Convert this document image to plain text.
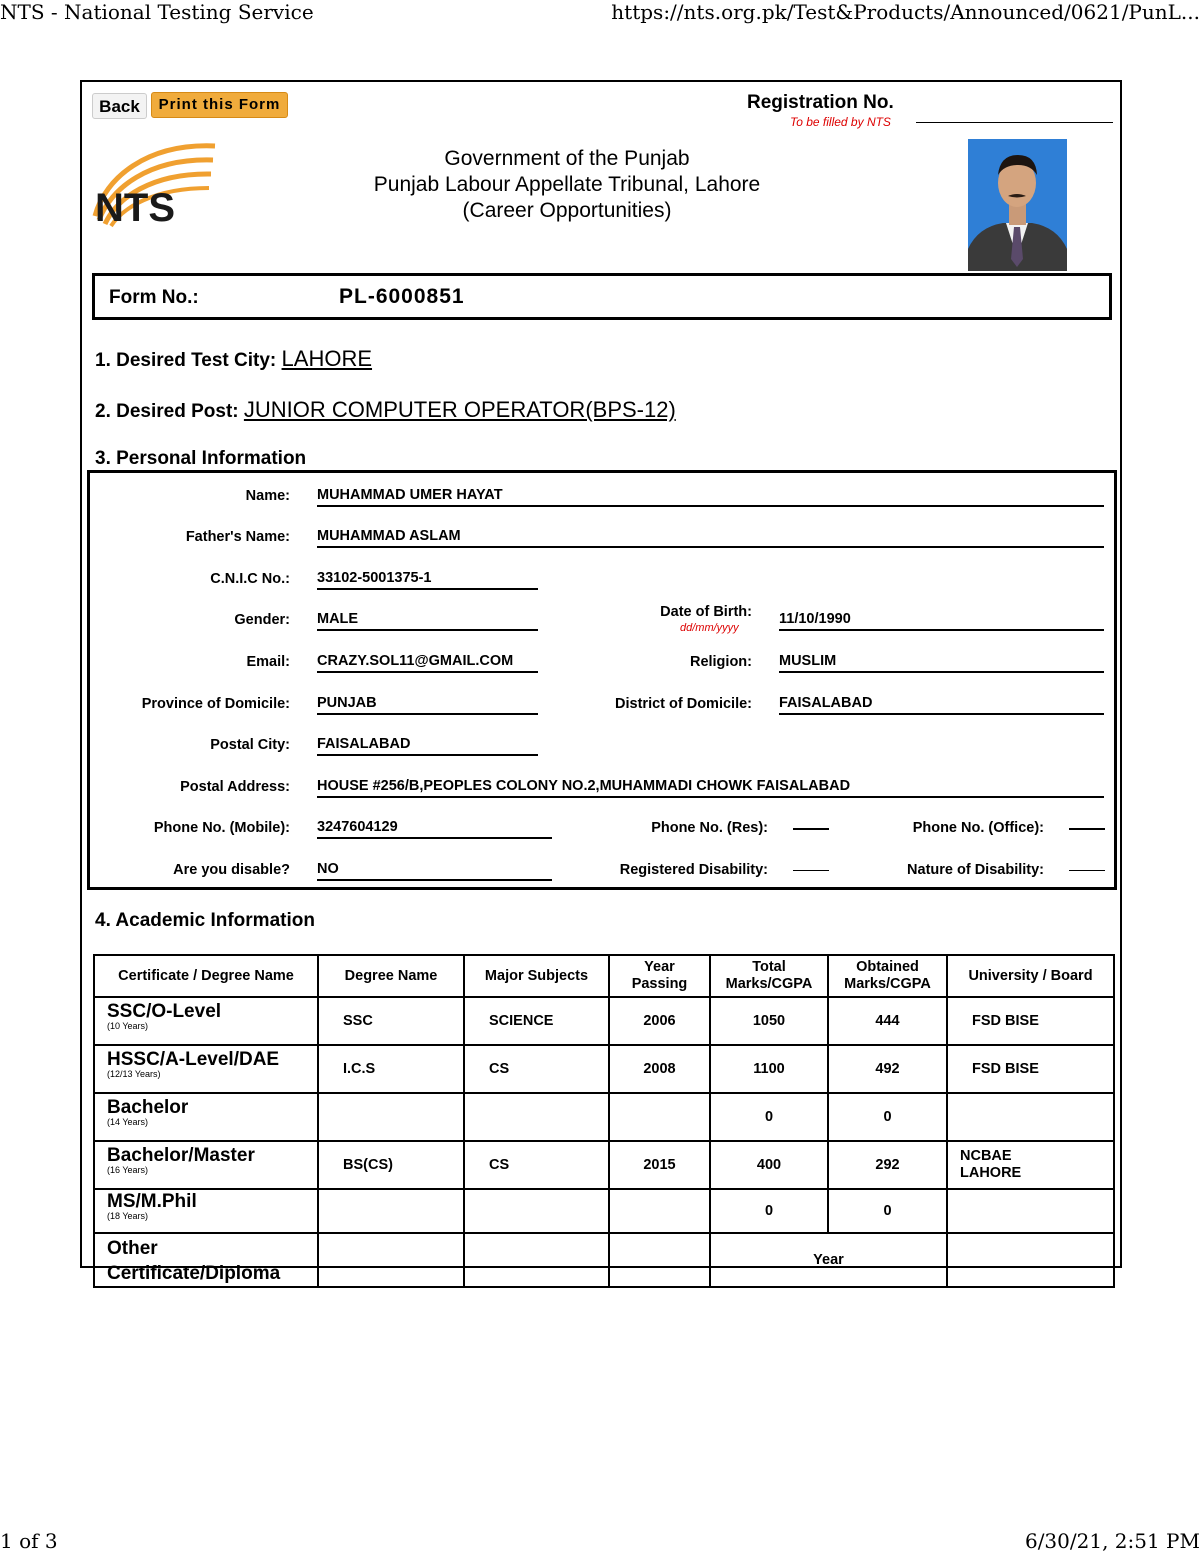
NTS - National Testing Service	https://nts.org.pk/Test&Products/Announced/0621/PunL...
1 of 3	6/30/21, 2:51 PM
Back	Print this Form	Registration No.
To be filled by NTS
NTS
Government of the Punjab
Punjab Labour Appellate Tribunal, Lahore
(Career Opportunities)
Form No.:	PL-6000851
1. Desired Test City: LAHORE
2. Desired Post: JUNIOR COMPUTER OPERATOR(BPS-12)
3. Personal Information
Name: MUHAMMAD UMER HAYAT
Father's Name: MUHAMMAD ASLAM
C.N.I.C No.: 33102-5001375-1
Gender: MALE	Date of Birth:
dd/mm/yyyy
11/10/1990
Email: CRAZY.SOL11@GMAIL.COM	Religion: MUSLIM
Province of Domicile: PUNJAB	District of Domicile: FAISALABAD
Postal City: FAISALABAD
Postal Address: HOUSE #256/B,PEOPLES COLONY NO.2,MUHAMMADI CHOWK FAISALABAD
Phone No. (Mobile): 3247604129	Phone No. (Res):	Phone No. (Office):
Are you disable? NO	Registered Disability:	Nature of Disability:
4. Academic Information
Certificate / Degree Name	Degree Name	Major Subjects	Year Passing	Total Marks/CGPA	Obtained Marks/CGPA	University / Board
SSC/O-Level
(10 Years)	SSC	SCIENCE	2006	1050	444	FSD BISE
HSSC/A-Level/DAE
(12/13 Years)	I.C.S	CS	2008	1100	492	FSD BISE
Bachelor
(14 Years)				0	0	
Bachelor/Master
(16 Years)	BS(CS)	CS	2015	400	292	NCBAE LAHORE
MS/M.Phil
(18 Years)				0	0	
Other Certificate/Diploma				Year		
